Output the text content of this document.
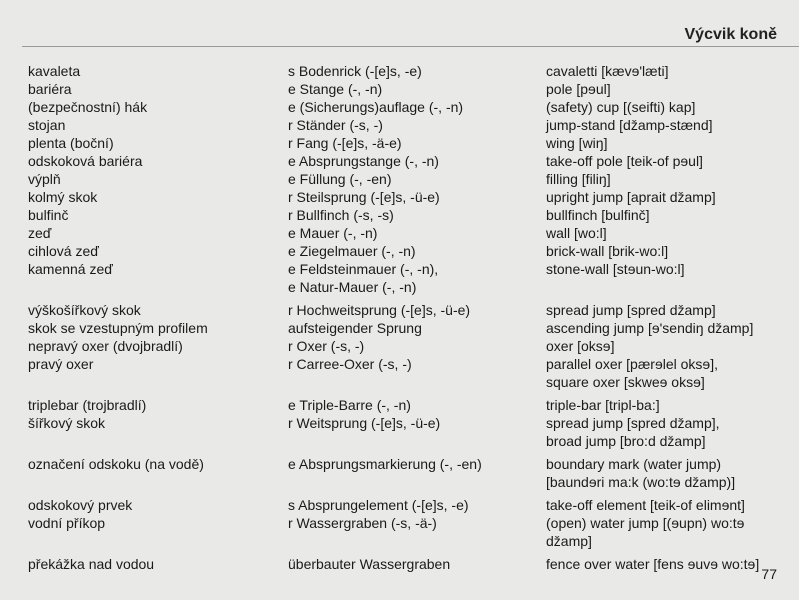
Výcvik koně
kavaleta	s Bodenrick (-[e]s, -e)	cavaletti [kævɘ'læti]
bariéra	e Stange (-, -n)	pole [pɘul]
(bezpečnostní) hák	e (Sicherungs)auflage (-, -n)	(safety) cup [(seifti) kap]
stojan	r Ständer (-s, -)	jump-stand [džamp-stænd]
plenta (boční)	r Fang (-[e]s, -ä-e)	wing [wiŋ]
odskoková bariéra	e Absprungstange (-, -n)	take-off pole [teik-of pɘul]
výplň	e Füllung (-, -en)	filling [filiŋ]
kolmý skok	r Steilsprung (-[e]s, -ü-e)	upright jump [aprait džamp]
bulfinč	r Bullfinch (-s, -s)	bullfinch [bulfinč]
zeď	e Mauer (-, -n)	wall [wo:l]
cihlová zeď	e Ziegelmauer (-, -n)	brick-wall [brik-wo:l]
kamenná zeď	e Feldsteinmauer (-, -n),	stone-wall [stɘun-wo:l]
e Natur-Mauer (-, -n)
výškošířkový skok	r Hochweitsprung (-[e]s, -ü-e)	spread jump [spred džamp]
skok se vzestupným profilem	aufsteigender Sprung	ascending jump [ɘ'sendiŋ džamp]
nepravý oxer (dvojbradlí)	r Oxer (-s, -)	oxer [oksɘ]
pravý oxer	r Carree-Oxer (-s, -)	parallel oxer [pærɘlel oksɘ],
square oxer [skweɘ oksɘ]
triplebar (trojbradlí)	e Triple-Barre (-, -n)	triple-bar [tripl-ba:]
šířkový skok	r Weitsprung (-[e]s, -ü-e)	spread jump [spred džamp],
broad jump [bro:d džamp]
označení odskoku (na vodě)	e Absprungsmarkierung (-, -en)	boundary mark (water jump)
[baundɘri ma:k (wo:tɘ džamp)]
odskokový prvek	s Absprungelement (-[e]s, -e)	take-off element [teik-of elimɘnt]
vodní příkop	r Wassergraben (-s, -ä-)	(open) water jump [(ɘupn) wo:tɘ
džamp]
překážka nad vodou	überbauter Wassergraben	fence over water [fens ɘuvɘ wo:tɘ]
77
